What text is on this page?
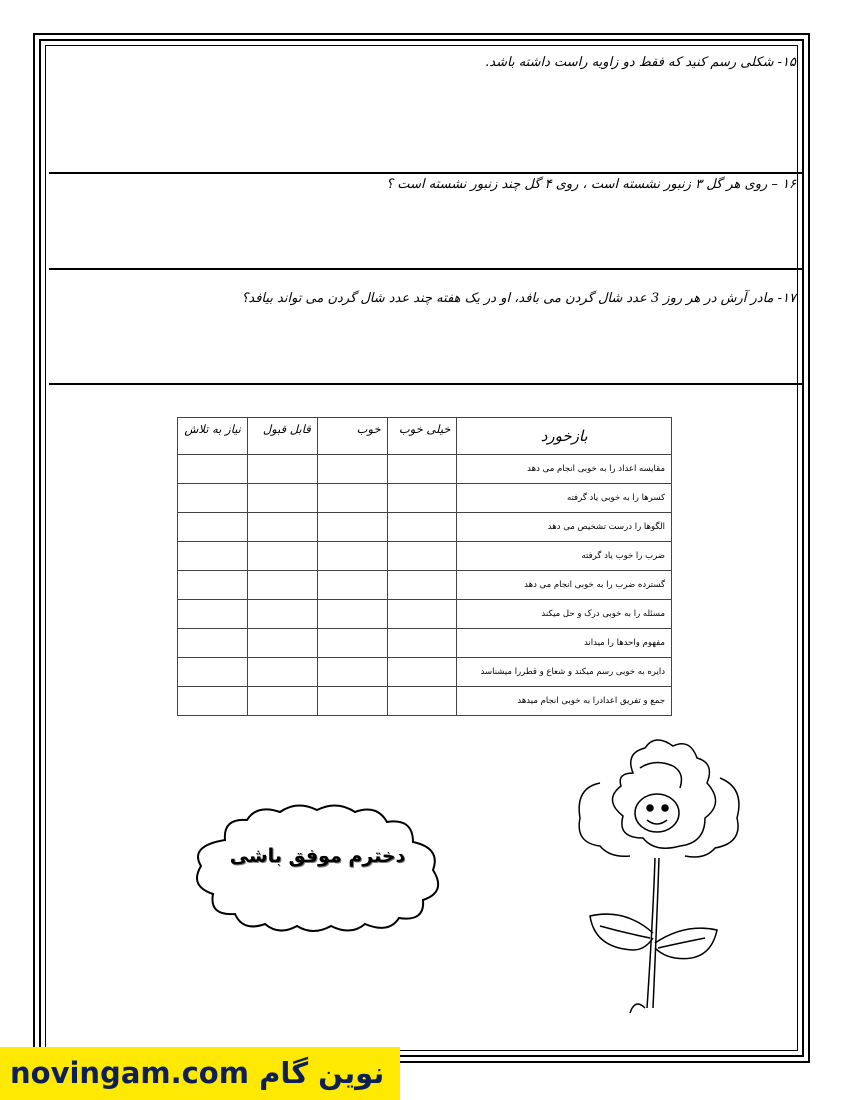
۱۵- شکلی رسم کنید که فقط دو زاویه راست داشته باشد.
۱۶ – روی هر گل ۳ زنبور نشسته است ، روی ۴ گل چند زنبور نشسته است ؟
۱۷- مادر آرش در هر روز 3 عدد شال گردن می بافد، او در یک هفته چند عدد شال گردن می تواند بیافد؟
بازخورد	خیلی خوب	خوب	قابل قبول	نیاز به تلاش
مقایسه اعداد را به خوبی انجام می دهد				
کسرها را به خوبی یاد گرفته				
الگوها را درست تشخیص می دهد				
ضرب را خوب یاد گرفته				
گسترده ضرب را به خوبی انجام می دهد				
مسئله را به خوبی درک و حل میکند				
مفهوم واحدها را میداند				
دایره به خوبی رسم میکند و شعاع و قطررا میشناسد				
جمع و تفریق اعدادرا به خوبی انجام میدهد				
دخترم موفق باشی
novingam.com نوین گام
